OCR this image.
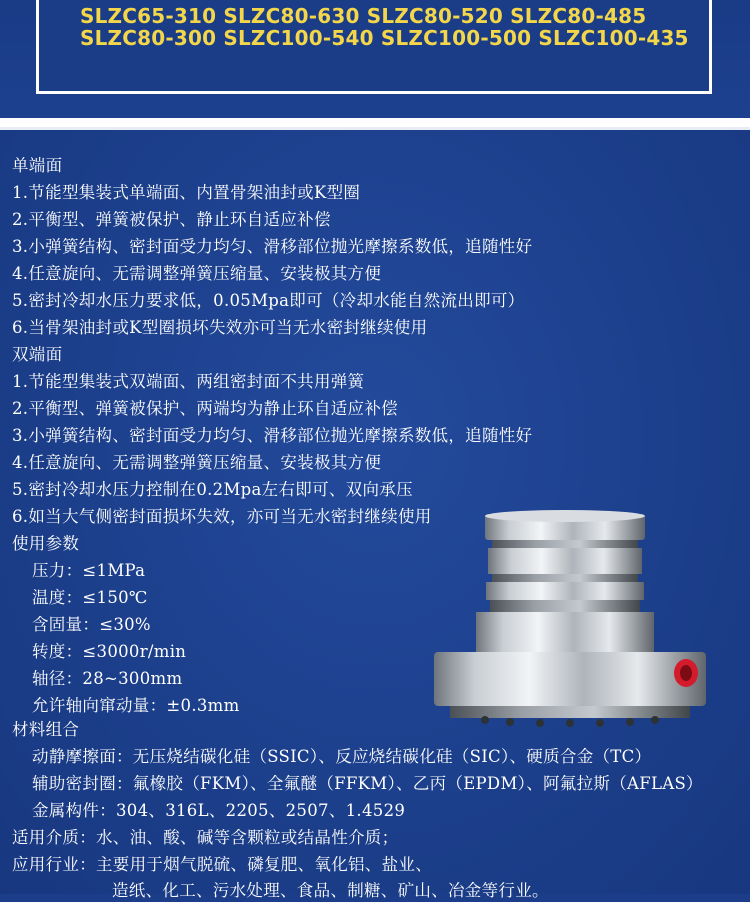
SLZC65-310 SLZC80-630 SLZC80-520 SLZC80-485
SLZC80-300 SLZC100-540 SLZC100-500 SLZC100-435
单端面
1.节能型集装式单端面、内置骨架油封或K型圈
2.平衡型、弹簧被保护、静止环自适应补偿
3.小弹簧结构、密封面受力均匀、滑移部位抛光摩擦系数低，追随性好
4.任意旋向、无需调整弹簧压缩量、安装极其方便
5.密封冷却水压力要求低，0.05Mpa即可（冷却水能自然流出即可）
6.当骨架油封或K型圈损坏失效亦可当无水密封继续使用
双端面
1.节能型集装式双端面、两组密封面不共用弹簧
2.平衡型、弹簧被保护、两端均为静止环自适应补偿
3.小弹簧结构、密封面受力均匀、滑移部位抛光摩擦系数低，追随性好
4.任意旋向、无需调整弹簧压缩量、安装极其方便
5.密封冷却水压力控制在0.2Mpa左右即可、双向承压
6.如当大气侧密封面损坏失效，亦可当无水密封继续使用
使用参数
压力：≤1MPa
温度：≤150℃
含固量：≤30%
转度：≤3000r/min
轴径：28~300mm
允许轴向窜动量：±0.3mm
材料组合
动静摩擦面：无压烧结碳化硅（SSIC）、反应烧结碳化硅（SIC）、硬质合金（TC）
辅助密封圈：氟橡胶（FKM）、全氟醚（FFKM）、乙丙（EPDM）、阿氟拉斯（AFLAS）
金属构件：304、316L、2205、2507、1.4529
适用介质：水、油、酸、碱等含颗粒或结晶性介质；
应用行业：主要用于烟气脱硫、磷复肥、氧化铝、盐业、
造纸、化工、污水处理、食品、制糖、矿山、冶金等行业。
